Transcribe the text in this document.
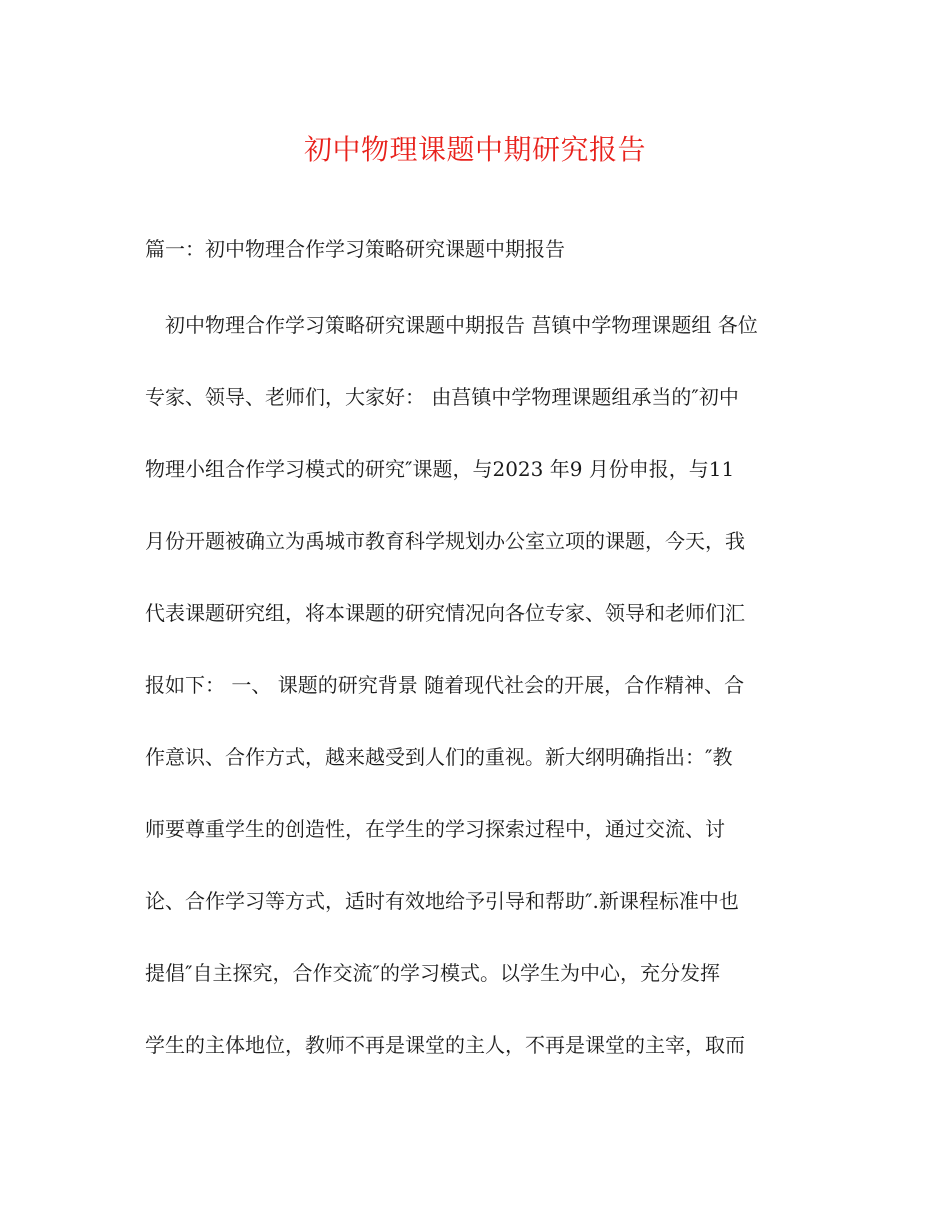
初中物理课题中期研究报告
篇一：初中物理合作学习策略研究课题中期报告
初中物理合作学习策略研究课题中期报告 莒镇中学物理课题组 各位
专家、领导、老师们，大家好： 由莒镇中学物理课题组承当的″初中
物理小组合作学习模式的研究″课题，与2023 年9 月份申报，与11
月份开题被确立为禹城市教育科学规划办公室立项的课题，今天，我
代表课题研究组，将本课题的研究情况向各位专家、领导和老师们汇
报如下： 一、 课题的研究背景 随着现代社会的开展，合作精神、合
作意识、合作方式，越来越受到人们的重视。新大纲明确指出：″教
师要尊重学生的创造性，在学生的学习探索过程中，通过交流、讨
论、合作学习等方式，适时有效地给予引导和帮助″.新课程标准中也
提倡″自主探究，合作交流″的学习模式。以学生为中心，充分发挥
学生的主体地位，教师不再是课堂的主人，不再是课堂的主宰，取而
